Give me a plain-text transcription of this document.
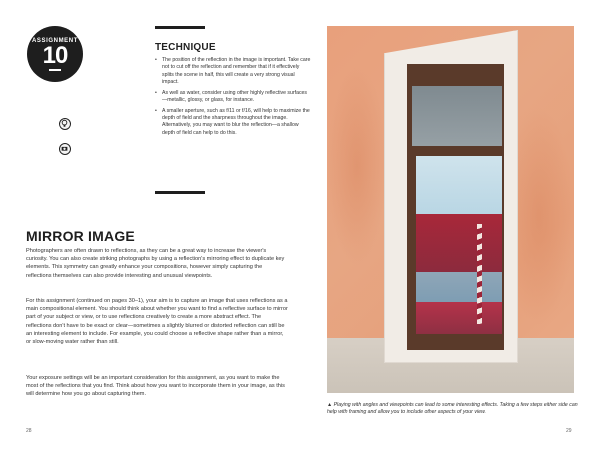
ASSIGNMENT
10	TECHNIQUE
• The position of the reflection in the image is important. Take care not to cut off the reflection and remember that if it effectively splits the scene in half, this will create a very strong visual impact.
• As well as water, consider using other highly reflective surfaces—metallic, glossy, or glass, for instance.
• A smaller aperture, such as f/11 or f/16, will help to maximize the depth of field and the sharpness throughout the image. Alternatively, you may want to blur the reflection—a shallow depth of field can help to do this.
MIRROR IMAGE
Photographers are often drawn to reflections, as they can be a great way to increase the viewer's curiosity. You can also create striking photographs by using a reflection's mirroring effect to duplicate key elements. This symmetry can greatly enhance your compositions, however simply capturing the reflections themselves can also provide interesting and unusual viewpoints.
For this assignment (continued on pages 30–1), your aim is to capture an image that uses reflections as a main compositional element. You should think about whether you want to find a reflective surface to mirror part of your subject or view, or to use reflections creatively to create a more abstract effect. The reflections don't have to be exact or clear—sometimes a slightly blurred or distorted reflection can still be an interesting element to include. For example, you could choose a reflective shape rather than a mirror, or slow-moving water rather than still.
Your exposure settings will be an important consideration for this assignment, as you want to make the most of the reflections that you find. Think about how you want to incorporate them in your image, as this will determine how you go about capturing them.
28
▲ Playing with angles and viewpoints can lead to some interesting effects. Taking a few steps either side can help with framing and allow you to include other aspects of your view.
29
